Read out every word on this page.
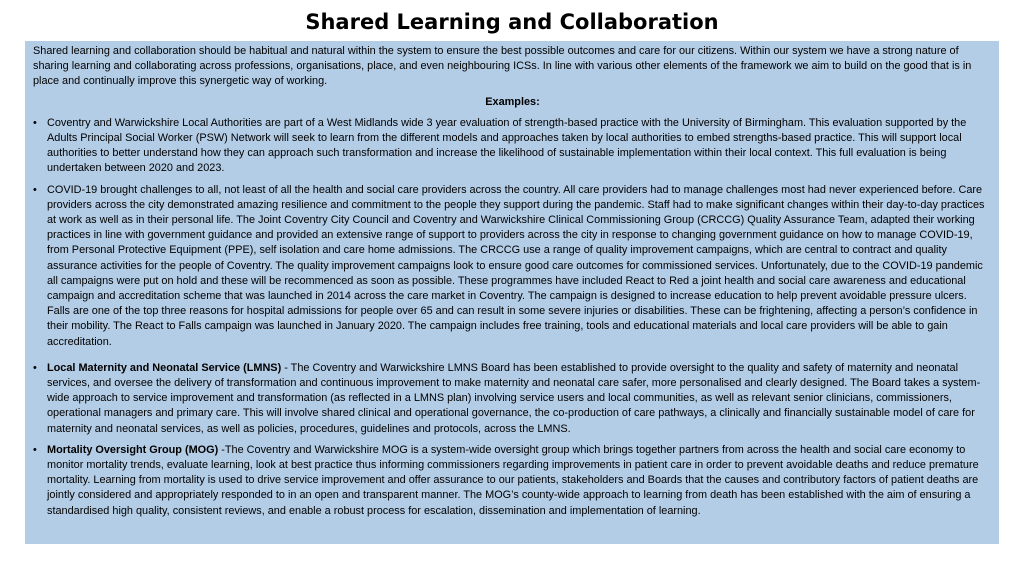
Shared Learning and Collaboration

Shared learning and collaboration should be habitual and natural within the system to ensure the best possible outcomes and care for our citizens. Within our system we have a strong nature of sharing learning and collaborating across professions, organisations, place, and even neighbouring ICSs. In line with various other elements of the framework we aim to build on the good that is in place and continually improve this synergetic way of working.

Examples:
• Coventry and Warwickshire Local Authorities are part of a West Midlands wide 3 year evaluation of strength-based practice with the University of Birmingham. This evaluation supported by the Adults Principal Social Worker (PSW) Network will seek to learn from the different models and approaches taken by local authorities to embed strengths-based practice. This will support local authorities to better understand how they can approach such transformation and increase the likelihood of sustainable implementation within their local context. This full evaluation is being undertaken between 2020 and 2023.
• COVID-19 brought challenges to all, not least of all the health and social care providers across the country. All care providers had to manage challenges most had never experienced before. Care providers across the city demonstrated amazing resilience and commitment to the people they support during the pandemic. Staff had to make significant changes within their day-to-day practices at work as well as in their personal life. The Joint Coventry City Council and Coventry and Warwickshire Clinical Commissioning Group (CRCCG) Quality Assurance Team, adapted their working practices in line with government guidance and provided an extensive range of support to providers across the city in response to changing government guidance on how to manage COVID-19, from Personal Protective Equipment (PPE), self isolation and care home admissions. The CRCCG use a range of quality improvement campaigns, which are central to contract and quality assurance activities for the people of Coventry. The quality improvement campaigns look to ensure good care outcomes for commissioned services. Unfortunately, due to the COVID-19 pandemic all campaigns were put on hold and these will be recommenced as soon as possible. These programmes have included React to Red a joint health and social care awareness and educational campaign and accreditation scheme that was launched in 2014 across the care market in Coventry. The campaign is designed to increase education to help prevent avoidable pressure ulcers. Falls are one of the top three reasons for hospital admissions for people over 65 and can result in some severe injuries or disabilities. These can be frightening, affecting a person’s confidence in their mobility. The React to Falls campaign was launched in January 2020. The campaign includes free training, tools and educational materials and local care providers will be able to gain accreditation.
• Local Maternity and Neonatal Service (LMNS) - The Coventry and Warwickshire LMNS Board has been established to provide oversight to the quality and safety of maternity and neonatal services, and oversee the delivery of transformation and continuous improvement to make maternity and neonatal care safer, more personalised and clearly designed. The Board takes a system-wide approach to service improvement and transformation (as reflected in a LMNS plan) involving service users and local communities, as well as relevant senior clinicians, commissioners, operational managers and primary care. This will involve shared clinical and operational governance, the co-production of care pathways, a clinically and financially sustainable model of care for maternity and neonatal services, as well as policies, procedures, guidelines and protocols, across the LMNS.
• Mortality Oversight Group (MOG) -The Coventry and Warwickshire MOG is a system-wide oversight group which brings together partners from across the health and social care economy to monitor mortality trends, evaluate learning, look at best practice thus informing commissioners regarding improvements in patient care in order to prevent avoidable deaths and reduce premature mortality. Learning from mortality is used to drive service improvement and offer assurance to our patients, stakeholders and Boards that the causes and contributory factors of patient deaths are jointly considered and appropriately responded to in an open and transparent manner. The MOG’s county-wide approach to learning from death has been established with the aim of ensuring a standardised high quality, consistent reviews, and enable a robust process for escalation, dissemination and implementation of learning.
